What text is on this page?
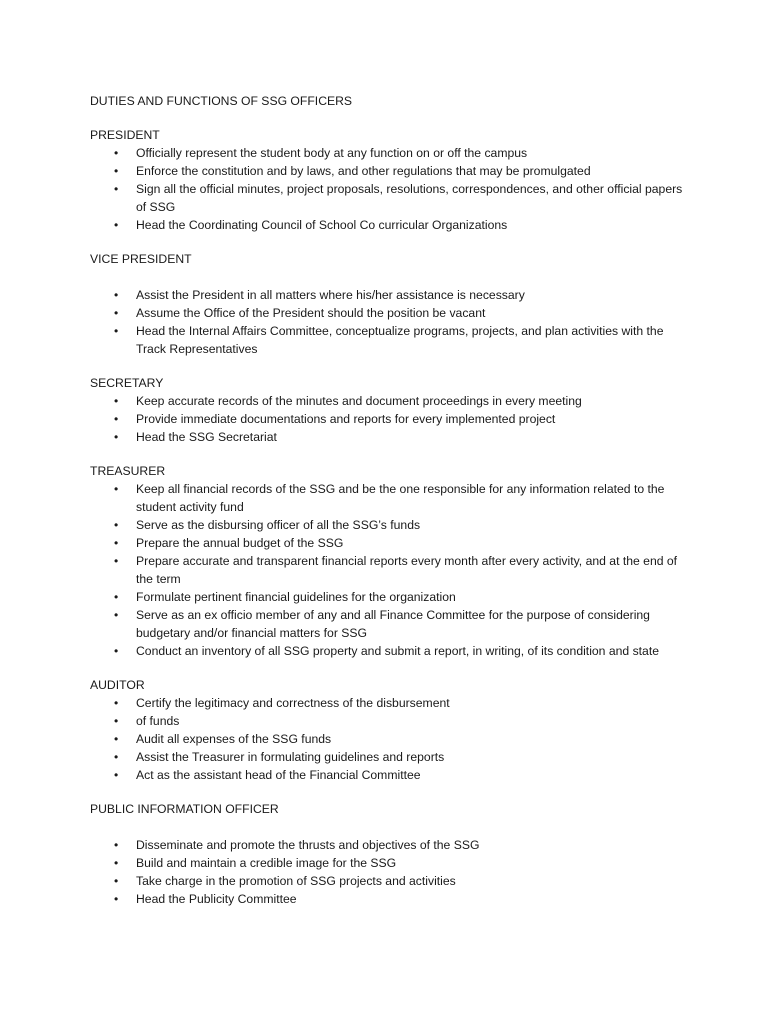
DUTIES AND FUNCTIONS OF SSG OFFICERS
PRESIDENT
• Officially represent the student body at any function on or off the campus
• Enforce the constitution and by laws, and other regulations that may be promulgated
• Sign all the official minutes, project proposals, resolutions, correspondences, and other official papers of SSG
• Head the Coordinating Council of School Co curricular Organizations
VICE PRESIDENT
• Assist the President in all matters where his/her assistance is necessary
• Assume the Office of the President should the position be vacant
• Head the Internal Affairs Committee, conceptualize programs, projects, and plan activities with the Track Representatives
SECRETARY
• Keep accurate records of the minutes and document proceedings in every meeting
• Provide immediate documentations and reports for every implemented project
• Head the SSG Secretariat
TREASURER
• Keep all financial records of the SSG and be the one responsible for any information related to the student activity fund
• Serve as the disbursing officer of all the SSG’s funds
• Prepare the annual budget of the SSG
• Prepare accurate and transparent financial reports every month after every activity, and at the end of the term
• Formulate pertinent financial guidelines for the organization
• Serve as an ex officio member of any and all Finance Committee for the purpose of considering budgetary and/or financial matters for SSG
• Conduct an inventory of all SSG property and submit a report, in writing, of its condition and state
AUDITOR
• Certify the legitimacy and correctness of the disbursement
• of funds
• Audit all expenses of the SSG funds
• Assist the Treasurer in formulating guidelines and reports
• Act as the assistant head of the Financial Committee
PUBLIC INFORMATION OFFICER
• Disseminate and promote the thrusts and objectives of the SSG
• Build and maintain a credible image for the SSG
• Take charge in the promotion of SSG projects and activities
• Head the Publicity Committee
